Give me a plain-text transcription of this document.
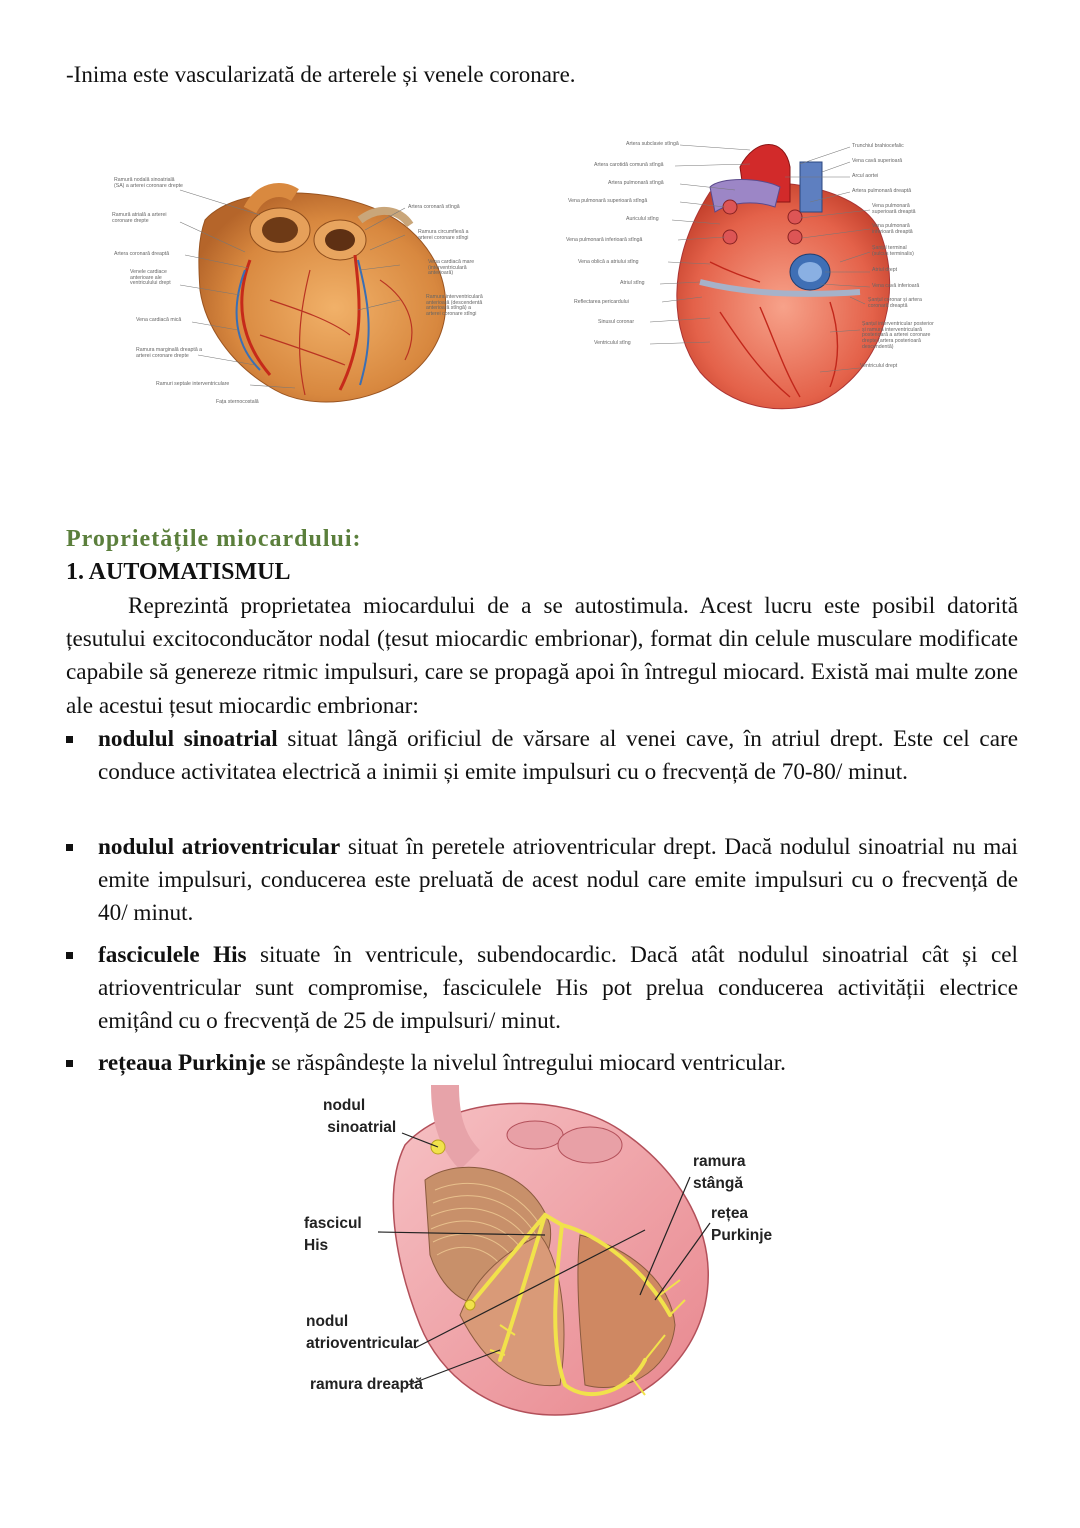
-Inima este vascularizată de arterele și venele coronare.
Ramură nodală sinoatrială
(SA) a arterei coronare drepte
Ramură atrială a arterei
coronare drepte
Artera coronară dreaptă
Venele cardiace
anterioare ale
ventriculului drept
Vena cardiacă mică
Ramura marginală dreaptă a
arterei coronare drepte
Ramuri septale interventriculare
Fața sternocostală
Artera coronară stîngă
Ramura circumflexă a
arterei coronare stîngi
Vena cardiacă mare
(interventriculară
anterioară)
Ramura interventriculară
anterioară (descendentă
anterioară stîngă) a
arterei coronare stîngi
Artera subclavie stîngă
Artera carotidă comună stîngă
Artera pulmonară stîngă
Vena pulmonară superioară stîngă
Auriculul stîng
Vena pulmonară inferioară stîngă
Vena oblică a atriului stîng
Atriul stîng
Reflectarea pericardului
Sinusul coronar
Ventriculul stîng
Trunchiul brahiocefalic
Vena cavă superioară
Arcul aortei
Artera pulmonară dreaptă
Vena pulmonară
superioară dreaptă
Vena pulmonară
inferioară dreaptă
Șanțul terminal
(sulcus terminalis)
Atriul drept
Vena cavă inferioară
Șanțul coronar și artera
coronară dreaptă
Șanțul interventricular posterior
și ramura interventriculară
posterioară a arterei coronare
drepte (artera posterioară
descendentă)
Ventriculul drept
Proprietățile miocardului:
1. AUTOMATISMUL
Reprezintă proprietatea miocardului de a se autostimula. Acest lucru este posibil datorită țesutului excitoconducător nodal (țesut miocardic embrionar), format din celule musculare modificate capabile să genereze ritmic impulsuri, care se propagă apoi în întregul miocard. Există mai multe zone ale acestui țesut miocardic embrionar:
nodulul sinoatrial situat lângă orificiul de vărsare al venei cave, în atriul drept. Este cel care conduce activitatea electrică a inimii și emite impulsuri cu o frecvență de 70-80/ minut.
nodulul atrioventricular situat în peretele atrioventricular drept. Dacă nodulul sinoatrial nu mai emite impulsuri, conducerea este preluată de acest nodul care emite impulsuri cu o frecvență de 40/ minut.
fasciculele His situate în ventricule, subendocardic. Dacă atât nodulul sinoatrial cât și cel atrioventricular sunt compromise, fasciculele His pot prelua conducerea activității electrice emițând cu o frecvență de 25 de impulsuri/ minut.
rețeaua Purkinje se răspândește la nivelul întregului miocard ventricular.
nodul
sinoatrial
fascicul
His
nodul
atrioventricular
ramura dreaptă
ramura
stângă
rețea
Purkinje
